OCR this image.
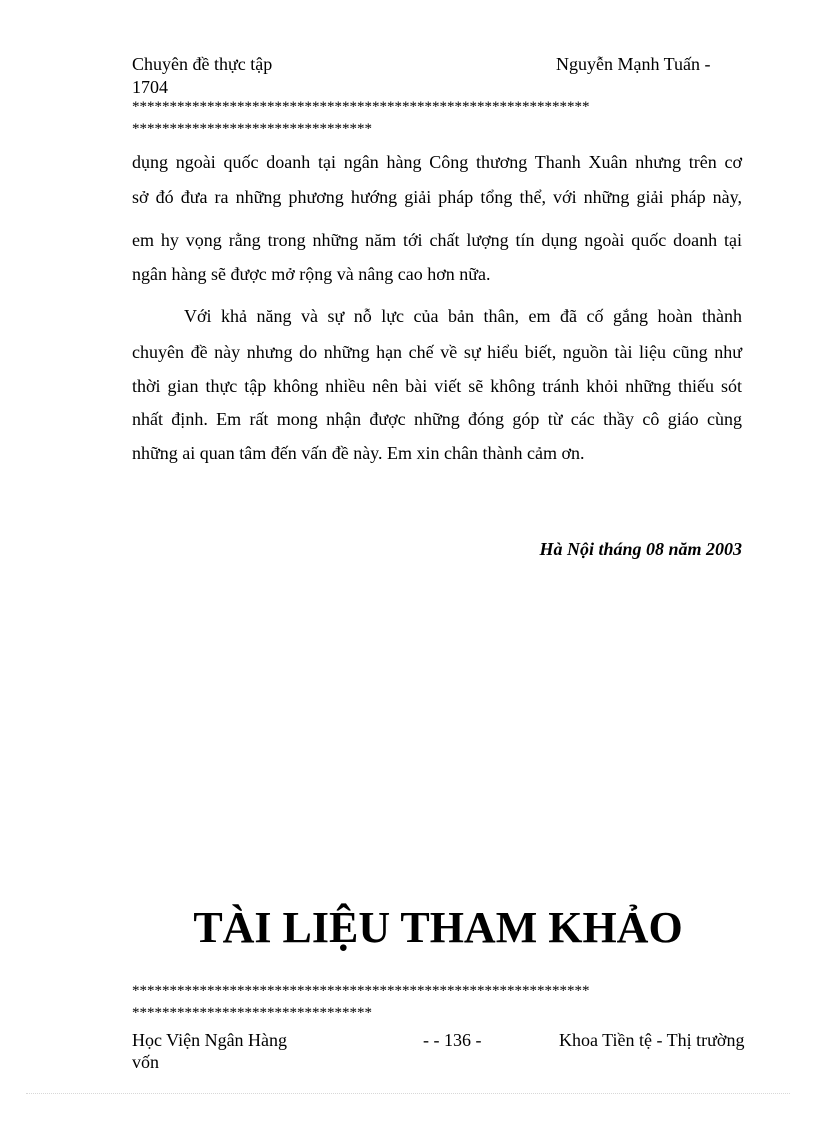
Chuyên đề thực tập	Nguyễn Mạnh Tuấn -
1704
*************************************************************
********************************
dụng ngoài quốc doanh tại ngân hàng Công thương Thanh Xuân nhưng trên cơ
sở đó đưa ra những phương hướng giải pháp tổng thể, với những giải pháp này,
em hy vọng rằng trong những năm tới chất lượng tín dụng ngoài quốc doanh tại
ngân hàng sẽ được mở rộng và nâng cao hơn nữa.
Với khả năng và sự nỗ lực của bản thân, em đã cố gắng hoàn thành
chuyên đề này nhưng do những hạn chế về sự hiểu biết, nguồn tài liệu cũng như
thời gian thực tập không nhiều nên bài viết sẽ không tránh khỏi những thiếu sót
nhất định. Em rất mong nhận được những đóng góp từ các thầy cô giáo cùng
những ai quan tâm đến vấn đề này. Em xin chân thành cảm ơn.
Hà Nội tháng 08 năm 2003
TÀI LIỆU THAM KHẢO
*************************************************************
********************************
Học Viện Ngân Hàng	- - 136 -	Khoa Tiền tệ - Thị trường
vốn
